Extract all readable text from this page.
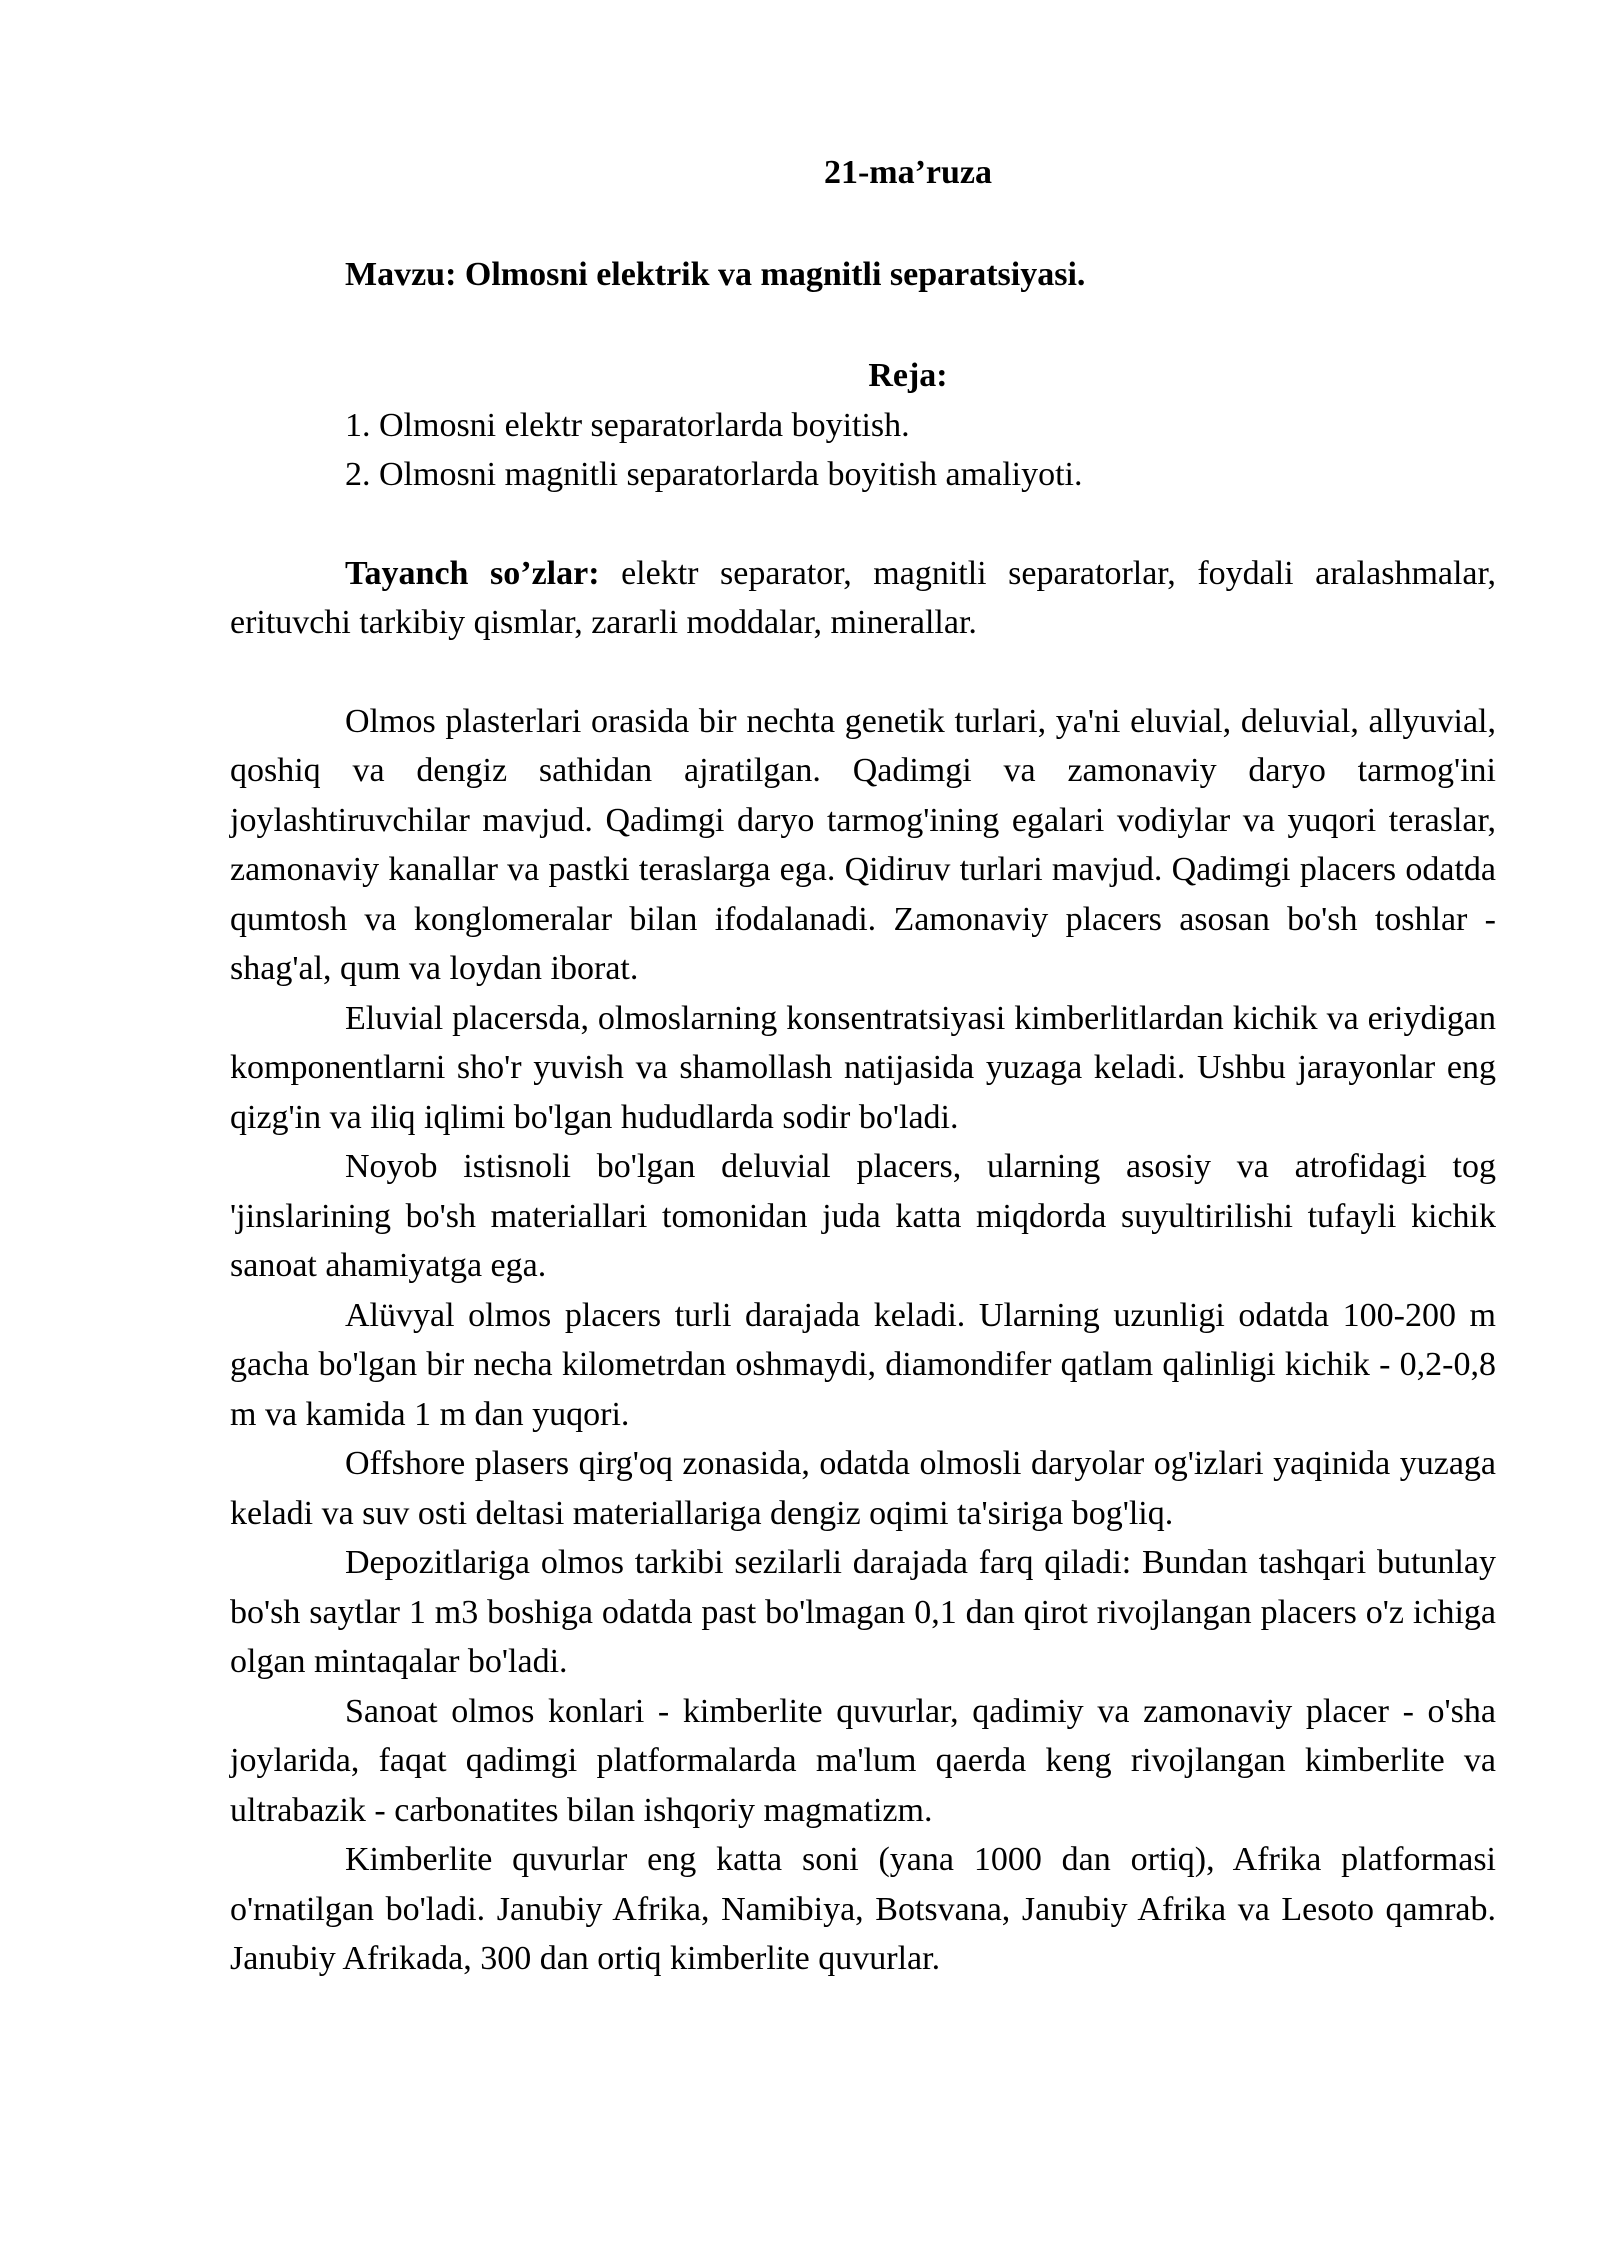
21-ma’ruza
Mavzu: Olmosni elektrik va magnitli separatsiyasi.
Reja:
1. Olmosni elektr separatorlarda boyitish.
2. Olmosni magnitli separatorlarda boyitish amaliyoti.

Tayanch so’zlar: elektr separator, magnitli separatorlar, foydali aralashmalar, erituvchi tarkibiy qismlar, zararli moddalar, minerallar.

Olmos plasterlari orasida bir nechta genetik turlari, ya'ni eluvial, deluvial, allyuvial, qoshiq va dengiz sathidan ajratilgan. Qadimgi va zamonaviy daryo tarmog'ini joylashtiruvchilar mavjud. Qadimgi daryo tarmog'ining egalari vodiylar va yuqori teraslar, zamonaviy kanallar va pastki teraslarga ega. Qidiruv turlari mavjud. Qadimgi placers odatda qumtosh va konglomeralar bilan ifodalanadi. Zamonaviy placers asosan bo'sh toshlar - shag'al, qum va loydan iborat.

Eluvial placersda, olmoslarning konsentratsiyasi kimberlitlardan kichik va eriydigan komponentlarni sho'r yuvish va shamollash natijasida yuzaga keladi. Ushbu jarayonlar eng qizg'in va iliq iqlimi bo'lgan hududlarda sodir bo'ladi.

Noyob istisnoli bo'lgan deluvial placers, ularning asosiy va atrofidagi tog 'jinslarining bo'sh materiallari tomonidan juda katta miqdorda suyultirilishi tufayli kichik sanoat ahamiyatga ega.

Alüvyal olmos placers turli darajada keladi. Ularning uzunligi odatda 100-200 m gacha bo'lgan bir necha kilometrdan oshmaydi, diamondifer qatlam qalinligi kichik - 0,2-0,8 m va kamida 1 m dan yuqori.

Offshore plasers qirg'oq zonasida, odatda olmosli daryolar og'izlari yaqinida yuzaga keladi va suv osti deltasi materiallariga dengiz oqimi ta'siriga bog'liq.

Depozitlariga olmos tarkibi sezilarli darajada farq qiladi: Bundan tashqari butunlay bo'sh saytlar 1 m3 boshiga odatda past bo'lmagan 0,1 dan qirot rivojlangan placers o'z ichiga olgan mintaqalar bo'ladi.

Sanoat olmos konlari - kimberlite quvurlar, qadimiy va zamonaviy placer - o'sha joylarida, faqat qadimgi platformalarda ma'lum qaerda keng rivojlangan kimberlite va ultrabazik - carbonatites bilan ishqoriy magmatizm.

Kimberlite quvurlar eng katta soni (yana 1000 dan ortiq), Afrika platformasi o'rnatilgan bo'ladi. Janubiy Afrika, Namibiya, Botsvana, Janubiy Afrika va Lesoto qamrab. Janubiy Afrikada, 300 dan ortiq kimberlite quvurlar.
